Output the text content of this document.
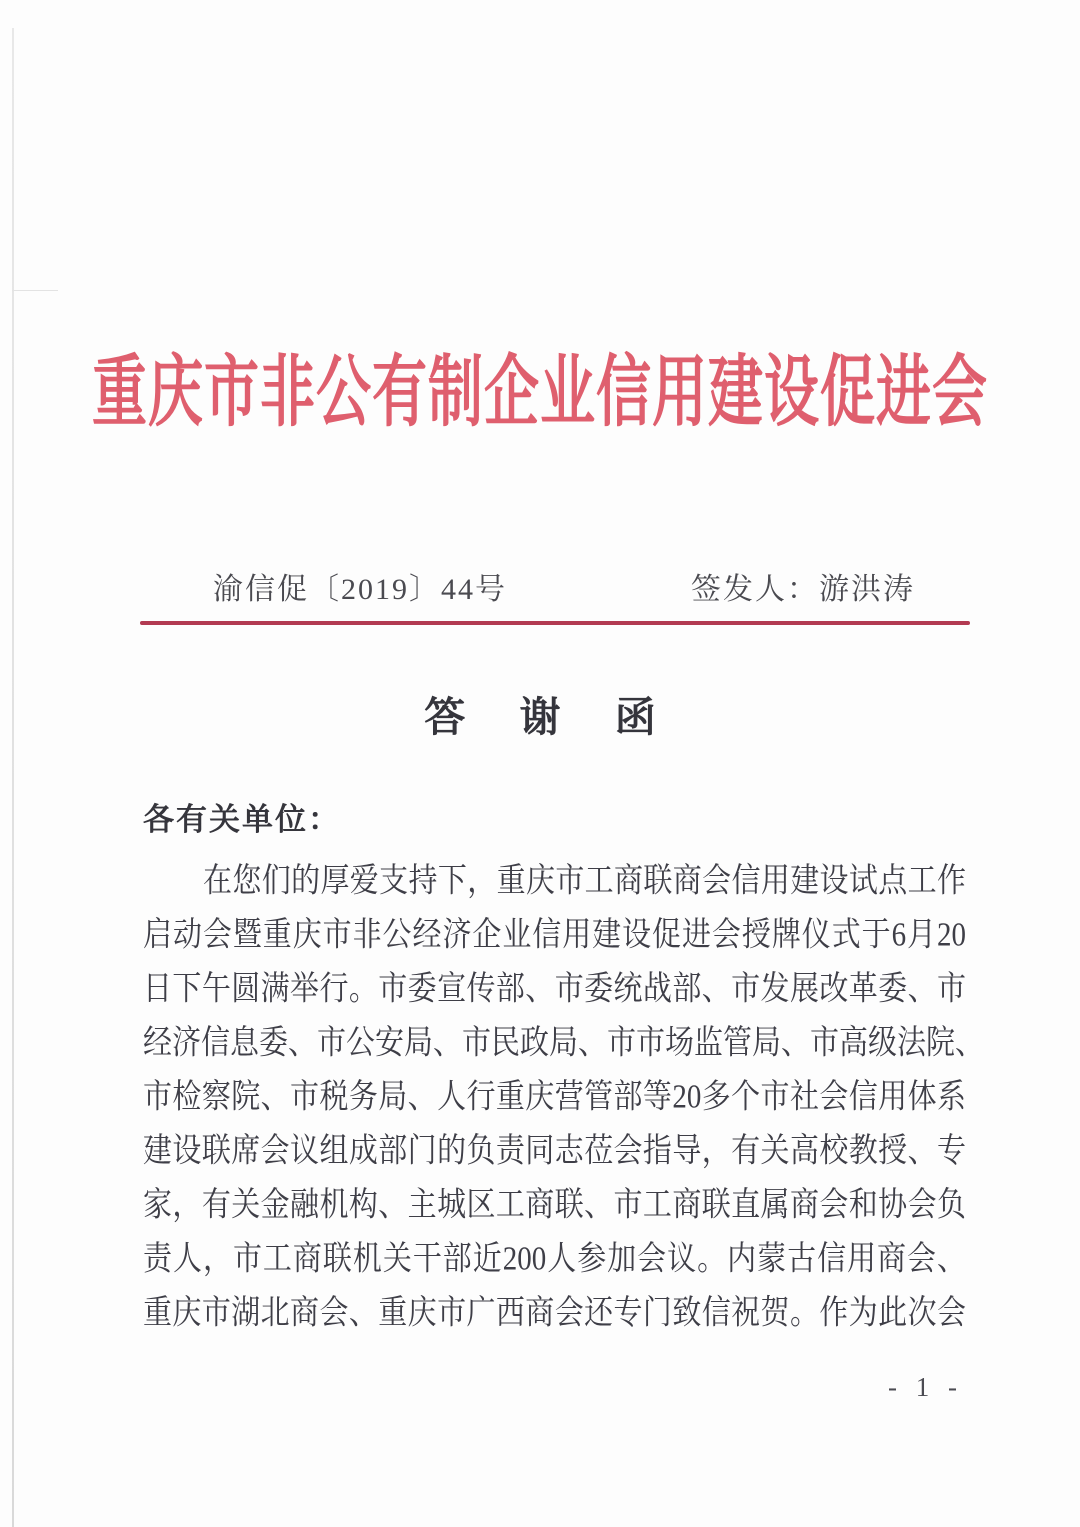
重庆市非公有制企业信用建设促进会
渝信促〔2019〕44号	签发人：游洪涛
答 谢 函

各有关单位：

在您们的厚爱支持下，重庆市工商联商会信用建设试点工作
启动会暨重庆市非公经济企业信用建设促进会授牌仪式于6月20
日下午圆满举行。市委宣传部、市委统战部、市发展改革委、市
经济信息委、市公安局、市民政局、市市场监管局、市高级法院、
市检察院、市税务局、人行重庆营管部等20多个市社会信用体系
建设联席会议组成部门的负责同志莅会指导，有关高校教授、专
家，有关金融机构、主城区工商联、市工商联直属商会和协会负
责人，市工商联机关干部近200人参加会议。内蒙古信用商会、
重庆市湖北商会、重庆市广西商会还专门致信祝贺。作为此次会
- 1 -
